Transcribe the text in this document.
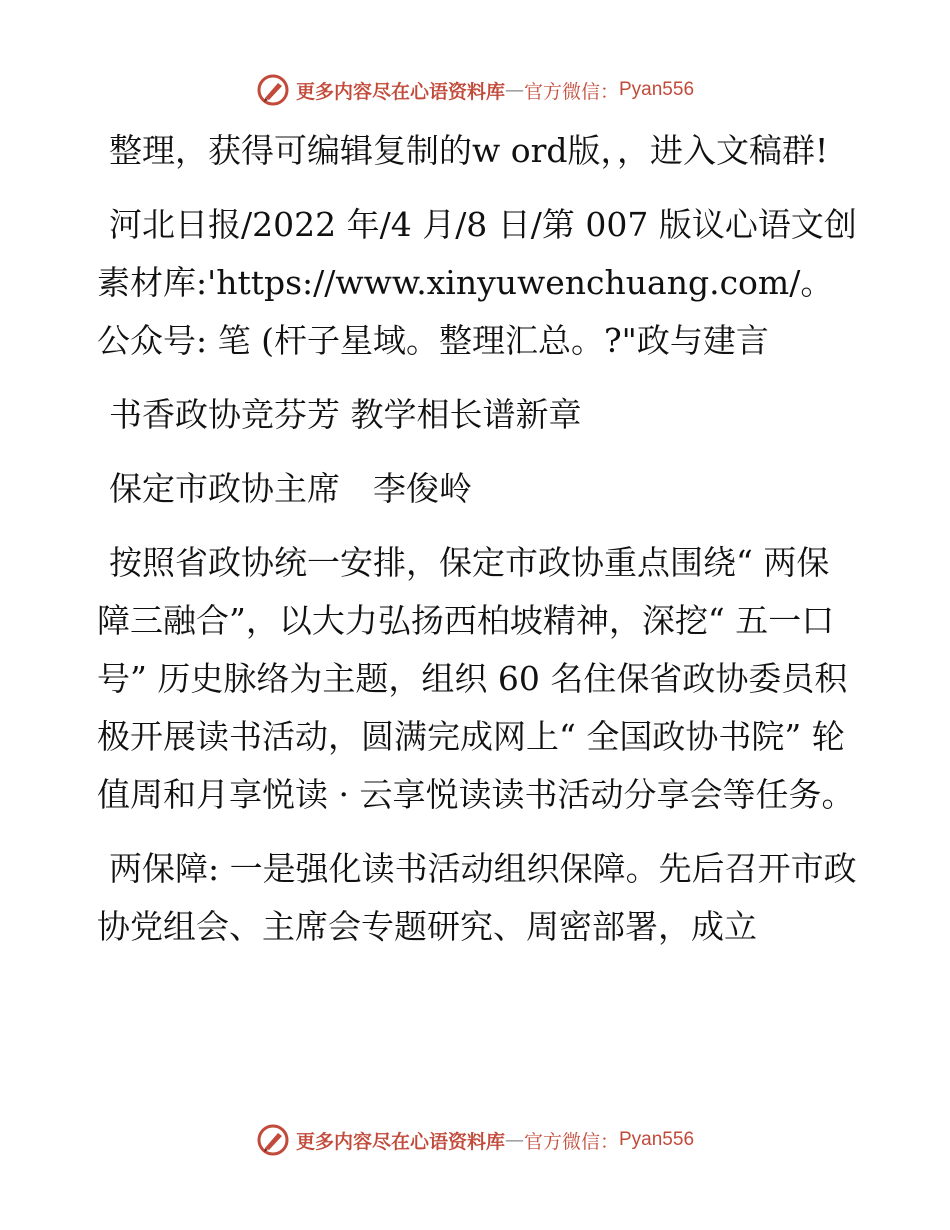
更多内容尽在心语资料库 — 官方微信： Pyan556

整理，获得可编辑复制的w ord版，，进入文稿群!

河北日报/2022 年/4 月/8 日/第 007 版议心语文创素材库:'https://www.xinyuwenchuang.com/。公众号: 笔 (杆子星域。整理汇总。?"政与建言

书香政协竞芬芳 教学相长谱新章

保定市政协主席　李俊岭

按照省政协统一安排，保定市政协重点围绕“ 两保障三融合”，以大力弘扬西柏坡精神，深挖“ 五一口号” 历史脉络为主题，组织 60 名住保省政协委员积极开展读书活动，圆满完成网上“ 全国政协书院” 轮值周和月享悦读 · 云享悦读读书活动分享会等任务。

两保障: 一是强化读书活动组织保障。先后召开市政协党组会、主席会专题研究、周密部署，成立

更多内容尽在心语资料库 — 官方微信： Pyan556
